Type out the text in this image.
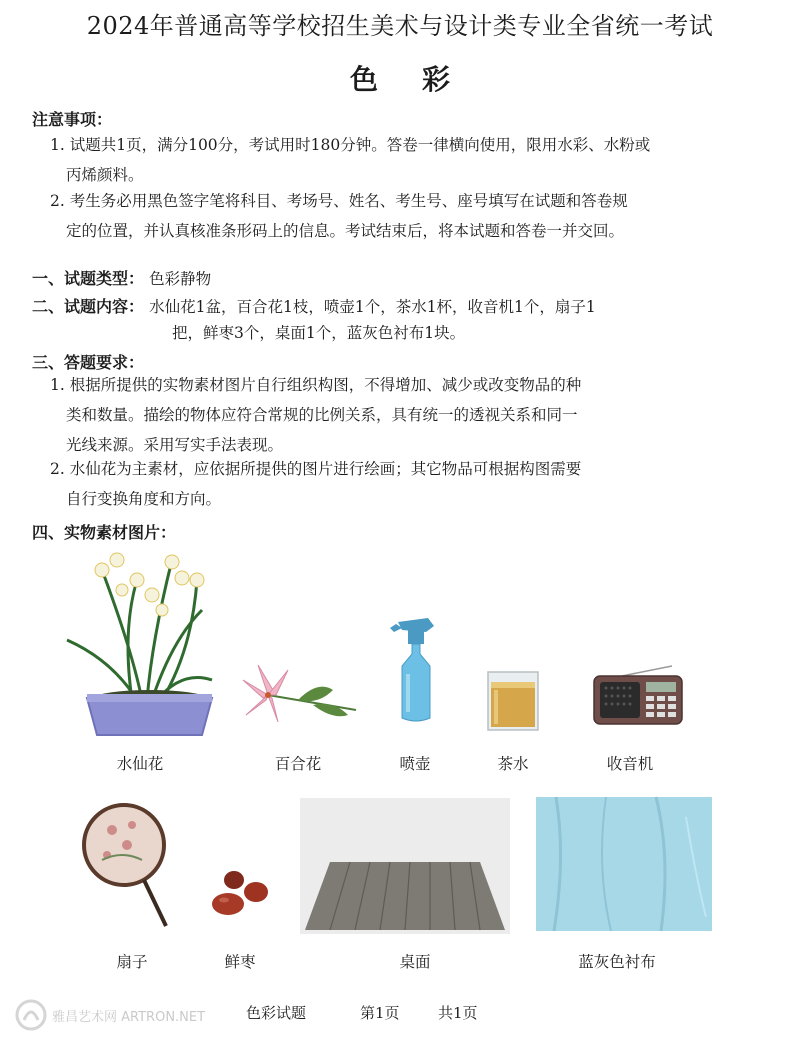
2024年普通高等学校招生美术与设计类专业全省统一考试
色彩
注意事项：
1. 试题共1页，满分100分，考试用时180分钟。答卷一律横向使用，限用水彩、水粉或
丙烯颜料。
2. 考生务必用黑色签字笔将科目、考场号、姓名、考生号、座号填写在试题和答卷规
定的位置，并认真核准条形码上的信息。考试结束后，将本试题和答卷一并交回。
一、试题类型： 色彩静物
二、试题内容： 水仙花1盆，百合花1枝，喷壶1个，茶水1杯，收音机1个，扇子1
把，鲜枣3个，桌面1个，蓝灰色衬布1块。
三、答题要求：
1. 根据所提供的实物素材图片自行组织构图，不得增加、减少或改变物品的种
类和数量。描绘的物体应符合常规的比例关系，具有统一的透视关系和同一
光线来源。采用写实手法表现。
2. 水仙花为主素材，应依据所提供的图片进行绘画；其它物品可根据构图需要
自行变换角度和方向。
四、实物素材图片：
水仙花	百合花	喷壶	茶水	收音机
扇子	鲜枣	桌面	蓝灰色衬布
色彩试题	第1页	共1页
雅昌艺术网 ARTRON.NET
